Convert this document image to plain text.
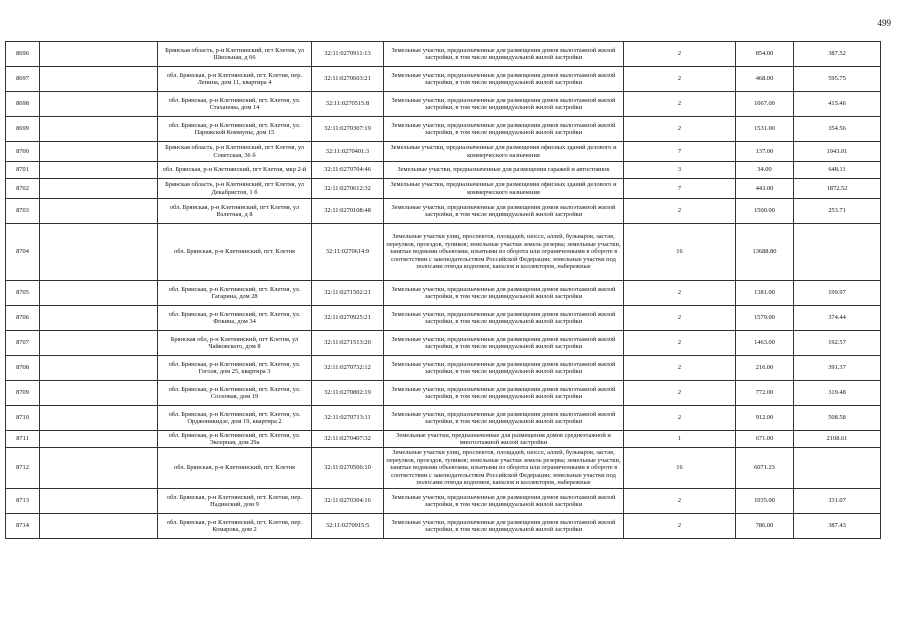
499
8696		Брянская область, р-н Клетнянский, пгт Клетня, ул Школьная, д 66	32:11:0270911:13	Земельные участки, предназначенные для размещения домов малоэтажной жилой застройки, в том числе индивидуальной жилой застройки	2	854.00	387.52	
8697		обл. Брянская, р-н Клетнянский, пгт. Клетня, пер. Ленина, дом 11, квартира 4	32:11:0270603:21	Земельные участки, предназначенные для размещения домов малоэтажной жилой застройки, в том числе индивидуальной жилой застройки	2	468.00	595.75	
8698		обл. Брянская, р-н Клетнянский, пгт. Клетня, ул. Стаханова, дом 14	32:11:0270515:8	Земельные участки, предназначенные для размещения домов малоэтажной жилой застройки, в том числе индивидуальной жилой застройки	2	1067.00	415.46	
8699		обл. Брянская, р-н Клетнянский, пгт. Клетня, ул. Парижской Коммуны, дом 15	32:11:0270307:19	Земельные участки, предназначенные для размещения домов малоэтажной жилой застройки, в том числе индивидуальной жилой застройки	2	1531.00	354.56	
8700		Брянская область, р-н Клетнянский, пгт Клетня, ул Советская, 36 б	32:11:0270401:3	Земельные участки, предназначенные для размещения офисных зданий делового и коммерческого назначения	7	137.00	1943.01	
8701		обл. Брянская, р-н Клетнянский, пгт Клетня, мкр 2-й	32:11:0270704:46	Земельные участки, предназначенные для размещения гаражей и автостоянок	3	34.00	648.11	
8702		Брянская область, р-н Клетнянский, пгт Клетня, ул Декабристов, 1 б	32:11:0270612:32	Земельные участки, предназначенные для размещения офисных зданий делового и коммерческого назначения	7	443.00	1872.52	
8703		обл. Брянская, р-н Клетнянский, пгт Клетня, ул Взлетная, д 8	32:11:0270108:48	Земельные участки, предназначенные для размещения домов малоэтажной жилой застройки, в том числе индивидуальной жилой застройки	2	1500.00	253.71	
8704		обл. Брянская, р-н Клетнянский, пгт. Клетня	32:11:0270614:9	Земельные участки улиц, проспектов, площадей, шоссе, аллей, бульваров, застав, переулков, проездов, тупиков; земельные участки земель резерва; земельные участки, занятые водными объектами, изъятыми из оборота или ограниченными в обороте в соответствии с законодательством Российской Федерации; земельные участки под полосами отвода водоемов, каналов и коллекторов, набережные	16	13688.80		
8705		обл. Брянская, р-н Клетнянский, пгт. Клетня, ул. Гагарина, дом 28	32:11:0271502:21	Земельные участки, предназначенные для размещения домов малоэтажной жилой застройки, в том числе индивидуальной жилой застройки	2	1381.00	199.97	
8706		обл. Брянская, р-н Клетнянский, пгт. Клетня, ул. Фокина, дом 34	32:11:0270925:21	Земельные участки, предназначенные для размещения домов малоэтажной жилой застройки, в том числе индивидуальной жилой застройки	2	1579.00	374.44	
8707		Брянская обл, р-н Клетнянский, пгт Клетня, ул Чайковского, дом 8	32:11:0271513:20	Земельные участки, предназначенные для размещения домов малоэтажной жилой застройки, в том числе индивидуальной жилой застройки	2	1463.00	192.57	
8708		обл. Брянская, р-н Клетнянский, пгт. Клетня, ул. Гоголя, дом 25, квартира 3	32:11:0270732:12	Земельные участки, предназначенные для размещения домов малоэтажной жилой застройки, в том числе индивидуальной жилой застройки	2	216.00	391.37	
8709		обл. Брянская, р-н Клетнянский, пгт. Клетня, ул. Сосновая, дом 19	32:11:0270802:19	Земельные участки, предназначенные для размещения домов малоэтажной жилой застройки, в том числе индивидуальной жилой застройки	2	772.00	319.48	
8710		обл. Брянская, р-н Клетнянский, пгт. Клетня, ул. Орджоникидзе, дом 19, квартира 2	32:11:0270713:11	Земельные участки, предназначенные для размещения домов малоэтажной жилой застройки, в том числе индивидуальной жилой застройки	2	912.00	508.58	
8711		обл. Брянская, р-н Клетнянский, пгт. Клетня, ул. Экоерная, дом 29а	32:11:0270407:32	Земельные участки, предназначенные для размещения домов среднеэтажной и многоэтажной жилой застройки	1	671.00	2108.61	
8712		обл. Брянская, р-н Клетнянский, пгт. Клетня	32:11:0270506:10	Земельные участки улиц, проспектов, площадей, шоссе, аллей, бульваров, застав, переулков, проездов, тупиков; земельные участки земель резерва; земельные участки, занятые водными объектами, изъятыми из оборота или ограниченными в обороте в соответствии с законодательством Российской Федерации; земельные участки под полосами отвода водоемов, каналов и коллекторов, набережные	16	6071.23		
8713		обл. Брянская, р-н Клетнянский, пгт. Клетня, пер. Надинский, дом 9	32:11:0270304:16	Земельные участки, предназначенные для размещения домов малоэтажной жилой застройки, в том числе индивидуальной жилой застройки	2	1035.00	331.07	
8714		обл. Брянская, р-н Клетнянский, пгт. Клетня, пер. Комарова, дом 2	32:11:0270915:5	Земельные участки, предназначенные для размещения домов малоэтажной жилой застройки, в том числе индивидуальной жилой застройки	2	786.00	387.43	
